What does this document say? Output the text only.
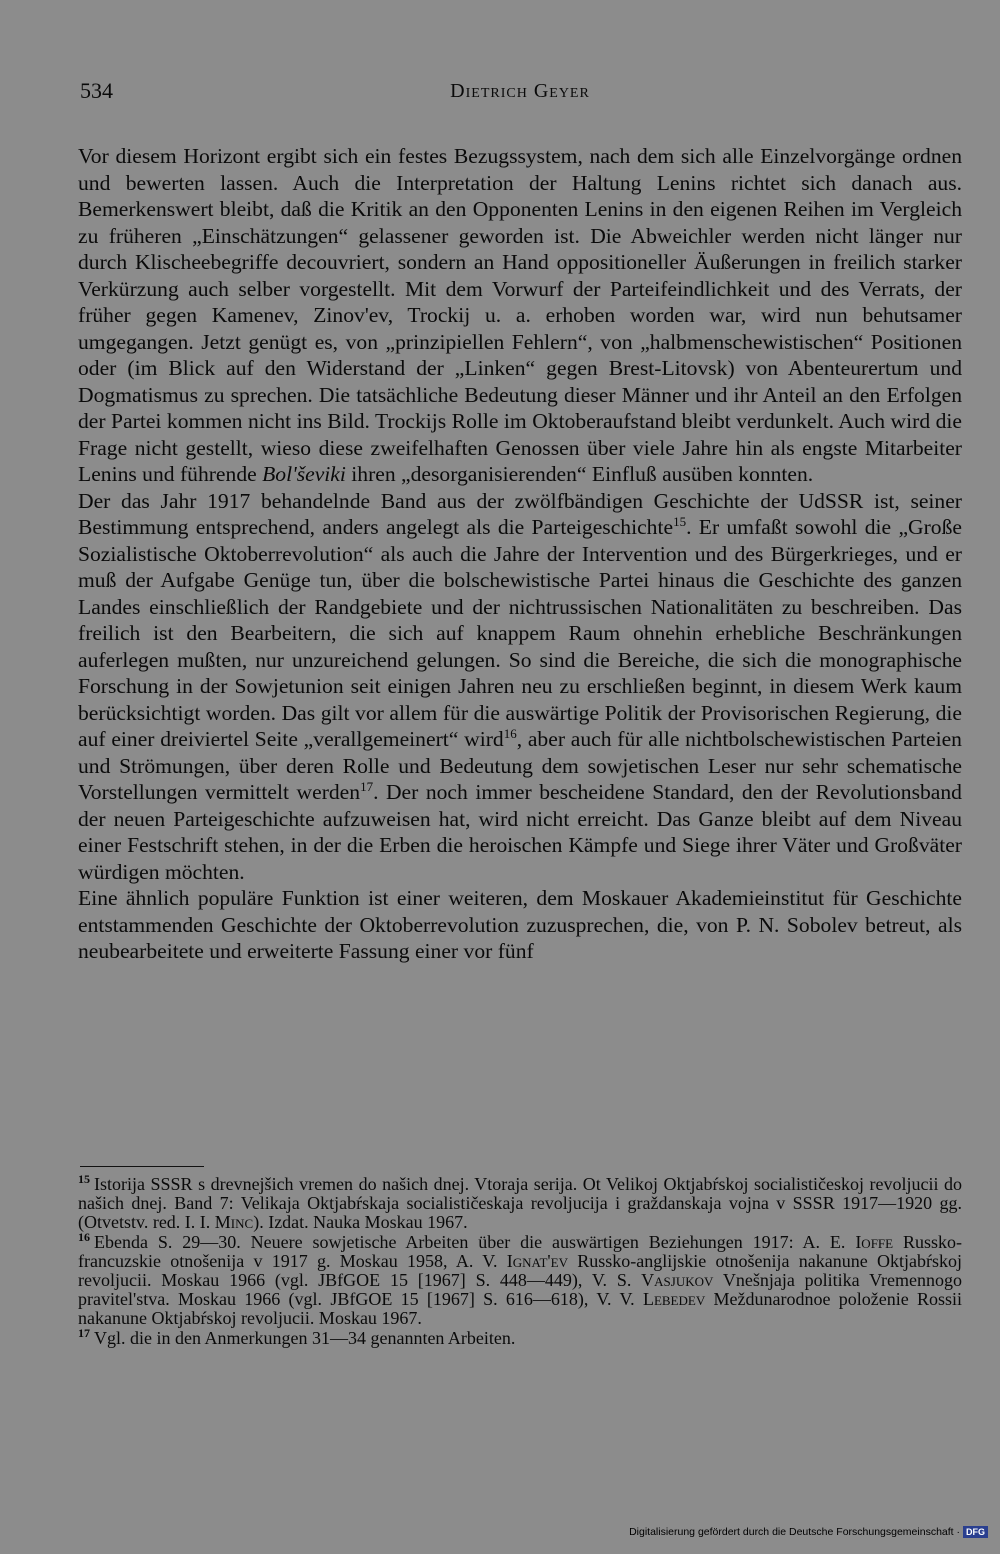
534	Dietrich Geyer

Vor diesem Horizont ergibt sich ein festes Bezugssystem, nach dem sich alle Einzelvorgänge ordnen und bewerten lassen. Auch die Interpretation der Haltung Lenins richtet sich danach aus. Bemerkenswert bleibt, daß die Kritik an den Opponenten Lenins in den eigenen Reihen im Vergleich zu früheren „Einschätzungen“ gelassener geworden ist. Die Abweichler werden nicht länger nur durch Klischeebegriffe decouvriert, sondern an Hand oppositioneller Äußerungen in freilich starker Verkürzung auch selber vorgestellt. Mit dem Vorwurf der Parteifeindlichkeit und des Verrats, der früher gegen Kamenev, Zinov'ev, Trockij u. a. erhoben worden war, wird nun behutsamer umgegangen. Jetzt genügt es, von „prinzipiellen Fehlern“, von „halbmenschewistischen“ Positionen oder (im Blick auf den Widerstand der „Linken“ gegen Brest-Litovsk) von Abenteurertum und Dogmatismus zu sprechen. Die tatsächliche Bedeutung dieser Männer und ihr Anteil an den Erfolgen der Partei kommen nicht ins Bild. Trockijs Rolle im Oktoberaufstand bleibt verdunkelt. Auch wird die Frage nicht gestellt, wieso diese zweifelhaften Genossen über viele Jahre hin als engste Mitarbeiter Lenins und führende Bol'ševiki ihren „desorganisierenden“ Einfluß ausüben konnten.

Der das Jahr 1917 behandelnde Band aus der zwölfbändigen Geschichte der UdSSR ist, seiner Bestimmung entsprechend, anders angelegt als die Parteigeschichte$^{15}$. Er umfaßt sowohl die „Große Sozialistische Oktoberrevolution“ als auch die Jahre der Intervention und des Bürgerkrieges, und er muß der Aufgabe Genüge tun, über die bolschewistische Partei hinaus die Geschichte des ganzen Landes einschließlich der Randgebiete und der nichtrussischen Nationalitäten zu beschreiben. Das freilich ist den Bearbeitern, die sich auf knappem Raum ohnehin erhebliche Beschränkungen auferlegen mußten, nur unzureichend gelungen. So sind die Bereiche, die sich die monographische Forschung in der Sowjetunion seit einigen Jahren neu zu erschließen beginnt, in diesem Werk kaum berücksichtigt worden. Das gilt vor allem für die auswärtige Politik der Provisorischen Regierung, die auf einer dreiviertel Seite „verallgemeinert“ wird$^{16}$, aber auch für alle nichtbolschewistischen Parteien und Strömungen, über deren Rolle und Bedeutung dem sowjetischen Leser nur sehr schematische Vorstellungen vermittelt werden$^{17}$. Der noch immer bescheidene Standard, den der Revolutionsband der neuen Parteigeschichte aufzuweisen hat, wird nicht erreicht. Das Ganze bleibt auf dem Niveau einer Festschrift stehen, in der die Erben die heroischen Kämpfe und Siege ihrer Väter und Großväter würdigen möchten.

Eine ähnlich populäre Funktion ist einer weiteren, dem Moskauer Akademieinstitut für Geschichte entstammenden Geschichte der Oktoberrevolution zuzusprechen, die, von P. N. Sobolev betreut, als neubearbeitete und erweiterte Fassung einer vor fünf

$^{15}$ Istorija SSSR s drevnejšich vremen do našich dnej. Vtoraja serija. Ot Velikoj Oktjabŕskoj socialističeskoj revoljucii do našich dnej. Band 7: Velikaja Oktjabŕskaja socialističeskaja revoljucija i graždanskaja vojna v SSSR 1917—1920 gg. (Otvetstv. red. I. I. Minc). Izdat. Nauka Moskau 1967.

$^{16}$ Ebenda S. 29—30. Neuere sowjetische Arbeiten über die auswärtigen Beziehungen 1917: A. E. Ioffe Russko-francuzskie otnošenija v 1917 g. Moskau 1958, A. V. Ignat'ev Russko-anglijskie otnošenija nakanune Oktjabŕskoj revoljucii. Moskau 1966 (vgl. JBfGOE 15 [1967] S. 448—449), V. S. Vasjukov Vnešnjaja politika Vremennogo pravitel'stva. Moskau 1966 (vgl. JBfGOE 15 [1967] S. 616—618), V. V. Lebedev Meždunarodnoe položenie Rossii nakanune Oktjabŕskoj revoljucii. Moskau 1967.

$^{17}$ Vgl. die in den Anmerkungen 31—34 genannten Arbeiten.

Digitalisierung gefördert durch die Deutsche Forschungsgemeinschaft · DFG
